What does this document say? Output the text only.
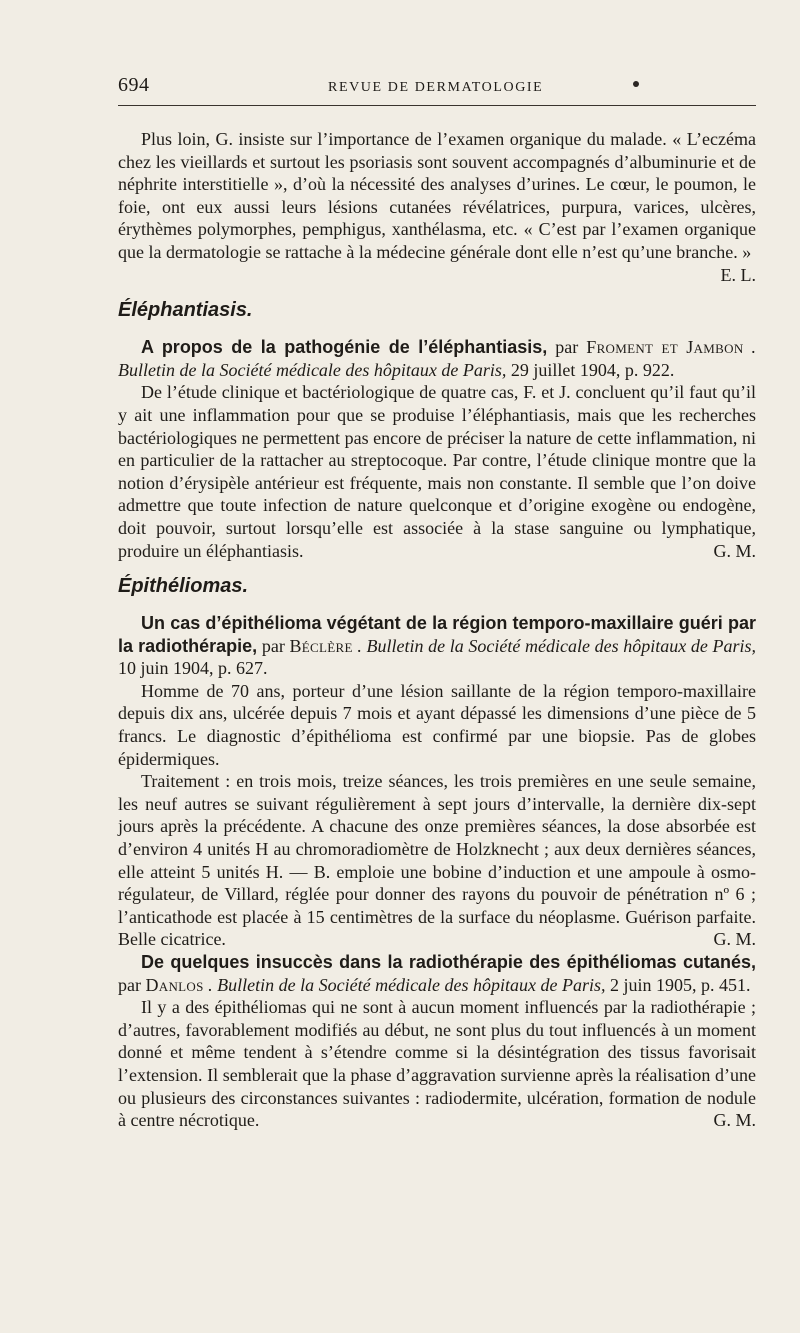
694	REVUE DE DERMATOLOGIE

Plus loin, G. insiste sur l’importance de l’examen organique du malade. « L’eczéma chez les vieillards et surtout les psoriasis sont souvent accompagnés d’albuminurie et de néphrite interstitielle », d’où la nécessité des analyses d’urines. Le cœur, le poumon, le foie, ont eux aussi leurs lésions cutanées révélatrices, purpura, varices, ulcères, érythèmes polymorphes, pemphigus, xanthélasma, etc. « C’est par l’examen organique que la dermatologie se rattache à la médecine générale dont elle n’est qu’une branche. »
E. L.

Éléphantiasis.

A propos de la pathogénie de l’éléphantiasis, par Froment et Jambon . Bulletin de la Société médicale des hôpitaux de Paris, 29 juillet 1904, p. 922.

De l’étude clinique et bactériologique de quatre cas, F. et J. concluent qu’il faut qu’il y ait une inflammation pour que se produise l’éléphantiasis, mais que les recherches bactériologiques ne permettent pas encore de préciser la nature de cette inflammation, ni en particulier de la rattacher au streptocoque. Par contre, l’étude clinique montre que la notion d’érysipèle antérieur est fréquente, mais non constante. Il semble que l’on doive admettre que toute infection de nature quelconque et d’origine exogène ou endogène, doit pouvoir, surtout lorsqu’elle est associée à la stase sanguine ou lymphatique, produire un éléphantiasis.	G. M.

Épithéliomas.

Un cas d’épithélioma végétant de la région temporo-maxillaire guéri par la radiothérapie, par Béclère . Bulletin de la Société médicale des hôpitaux de Paris, 10 juin 1904, p. 627.

Homme de 70 ans, porteur d’une lésion saillante de la région temporo-maxillaire depuis dix ans, ulcérée depuis 7 mois et ayant dépassé les dimensions d’une pièce de 5 francs. Le diagnostic d’épithélioma est confirmé par une biopsie. Pas de globes épidermiques.

Traitement : en trois mois, treize séances, les trois premières en une seule semaine, les neuf autres se suivant régulièrement à sept jours d’intervalle, la dernière dix-sept jours après la précédente. A chacune des onze premières séances, la dose absorbée est d’environ 4 unités H au chromoradiomètre de Holzknecht ; aux deux dernières séances, elle atteint 5 unités H. — B. emploie une bobine d’induction et une ampoule à osmo-régulateur, de Villard, réglée pour donner des rayons du pouvoir de pénétration nº 6 ; l’anticathode est placée à 15 centimètres de la surface du néoplasme. Guérison parfaite. Belle cicatrice.	G. M.

De quelques insuccès dans la radiothérapie des épithéliomas cutanés, par Danlos . Bulletin de la Société médicale des hôpitaux de Paris, 2 juin 1905, p. 451.

Il y a des épithéliomas qui ne sont à aucun moment influencés par la radiothérapie ; d’autres, favorablement modifiés au début, ne sont plus du tout influencés à un moment donné et même tendent à s’étendre comme si la désintégration des tissus favorisait l’extension. Il semblerait que la phase d’aggravation survienne après la réalisation d’une ou plusieurs des circonstances suivantes : radiodermite, ulcération, formation de nodule à centre nécrotique.	G. M.
